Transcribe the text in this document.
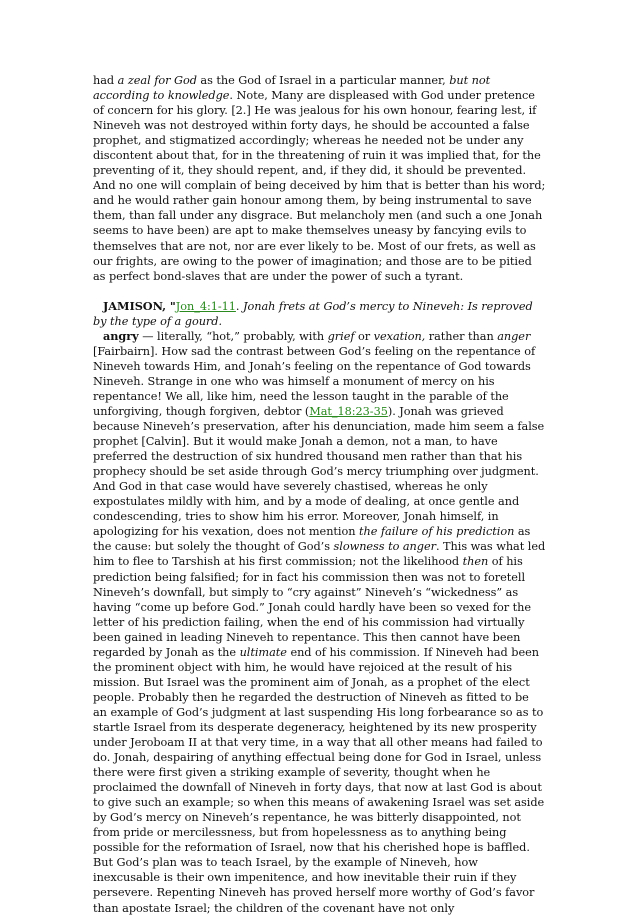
had a zeal for God as the God of Israel in a particular manner, but not according to knowledge. Note, Many are displeased with God under pretence of concern for his glory. [2.] He was jealous for his own honour, fearing lest, if Nineveh was not destroyed within forty days, he should be accounted a false prophet, and stigmatized accordingly; whereas he needed not be under any discontent about that, for in the threatening of ruin it was implied that, for the preventing of it, they should repent, and, if they did, it should be prevented. And no one will complain of being deceived by him that is better than his word; and he would rather gain honour among them, by being instrumental to save them, than fall under any disgrace. But melancholy men (and such a one Jonah seems to have been) are apt to make themselves uneasy by fancying evils to themselves that are not, nor are ever likely to be. Most of our frets, as well as our frights, are owing to the power of imagination; and those are to be pitied as perfect bond-slaves that are under the power of such a tyrant.

JAMISON, "Jon_4:1-11. Jonah frets at God’s mercy to Nineveh: Is reproved by the type of a gourd.

angry — literally, “hot,” probably, with grief or vexation, rather than anger [Fairbairn]. How sad the contrast between God’s feeling on the repentance of Nineveh towards Him, and Jonah’s feeling on the repentance of God towards Nineveh. Strange in one who was himself a monument of mercy on his repentance! We all, like him, need the lesson taught in the parable of the unforgiving, though forgiven, debtor (Mat_18:23-35). Jonah was grieved because Nineveh’s preservation, after his denunciation, made him seem a false prophet [Calvin]. But it would make Jonah a demon, not a man, to have preferred the destruction of six hundred thousand men rather than that his prophecy should be set aside through God’s mercy triumphing over judgment. And God in that case would have severely chastised, whereas he only expostulates mildly with him, and by a mode of dealing, at once gentle and condescending, tries to show him his error. Moreover, Jonah himself, in apologizing for his vexation, does not mention the failure of his prediction as the cause: but solely the thought of God’s slowness to anger. This was what led him to flee to Tarshish at his first commission; not the likelihood then of his prediction being falsified; for in fact his commission then was not to foretell Nineveh’s downfall, but simply to “cry against” Nineveh’s “wickedness” as having “come up before God.” Jonah could hardly have been so vexed for the letter of his prediction failing, when the end of his commission had virtually been gained in leading Nineveh to repentance. This then cannot have been regarded by Jonah as the ultimate end of his commission. If Nineveh had been the prominent object with him, he would have rejoiced at the result of his mission. But Israel was the prominent aim of Jonah, as a prophet of the elect people. Probably then he regarded the destruction of Nineveh as fitted to be an example of God’s judgment at last suspending His long forbearance so as to startle Israel from its desperate degeneracy, heightened by its new prosperity under Jeroboam II at that very time, in a way that all other means had failed to do. Jonah, despairing of anything effectual being done for God in Israel, unless there were first given a striking example of severity, thought when he proclaimed the downfall of Nineveh in forty days, that now at last God is about to give such an example; so when this means of awakening Israel was set aside by God’s mercy on Nineveh’s repentance, he was bitterly disappointed, not from pride or mercilessness, but from hopelessness as to anything being possible for the reformation of Israel, now that his cherished hope is baffled. But God’s plan was to teach Israel, by the example of Nineveh, how inexcusable is their own impenitence, and how inevitable their ruin if they persevere. Repenting Nineveh has proved herself more worthy of God’s favor than apostate Israel; the children of the covenant have not only
